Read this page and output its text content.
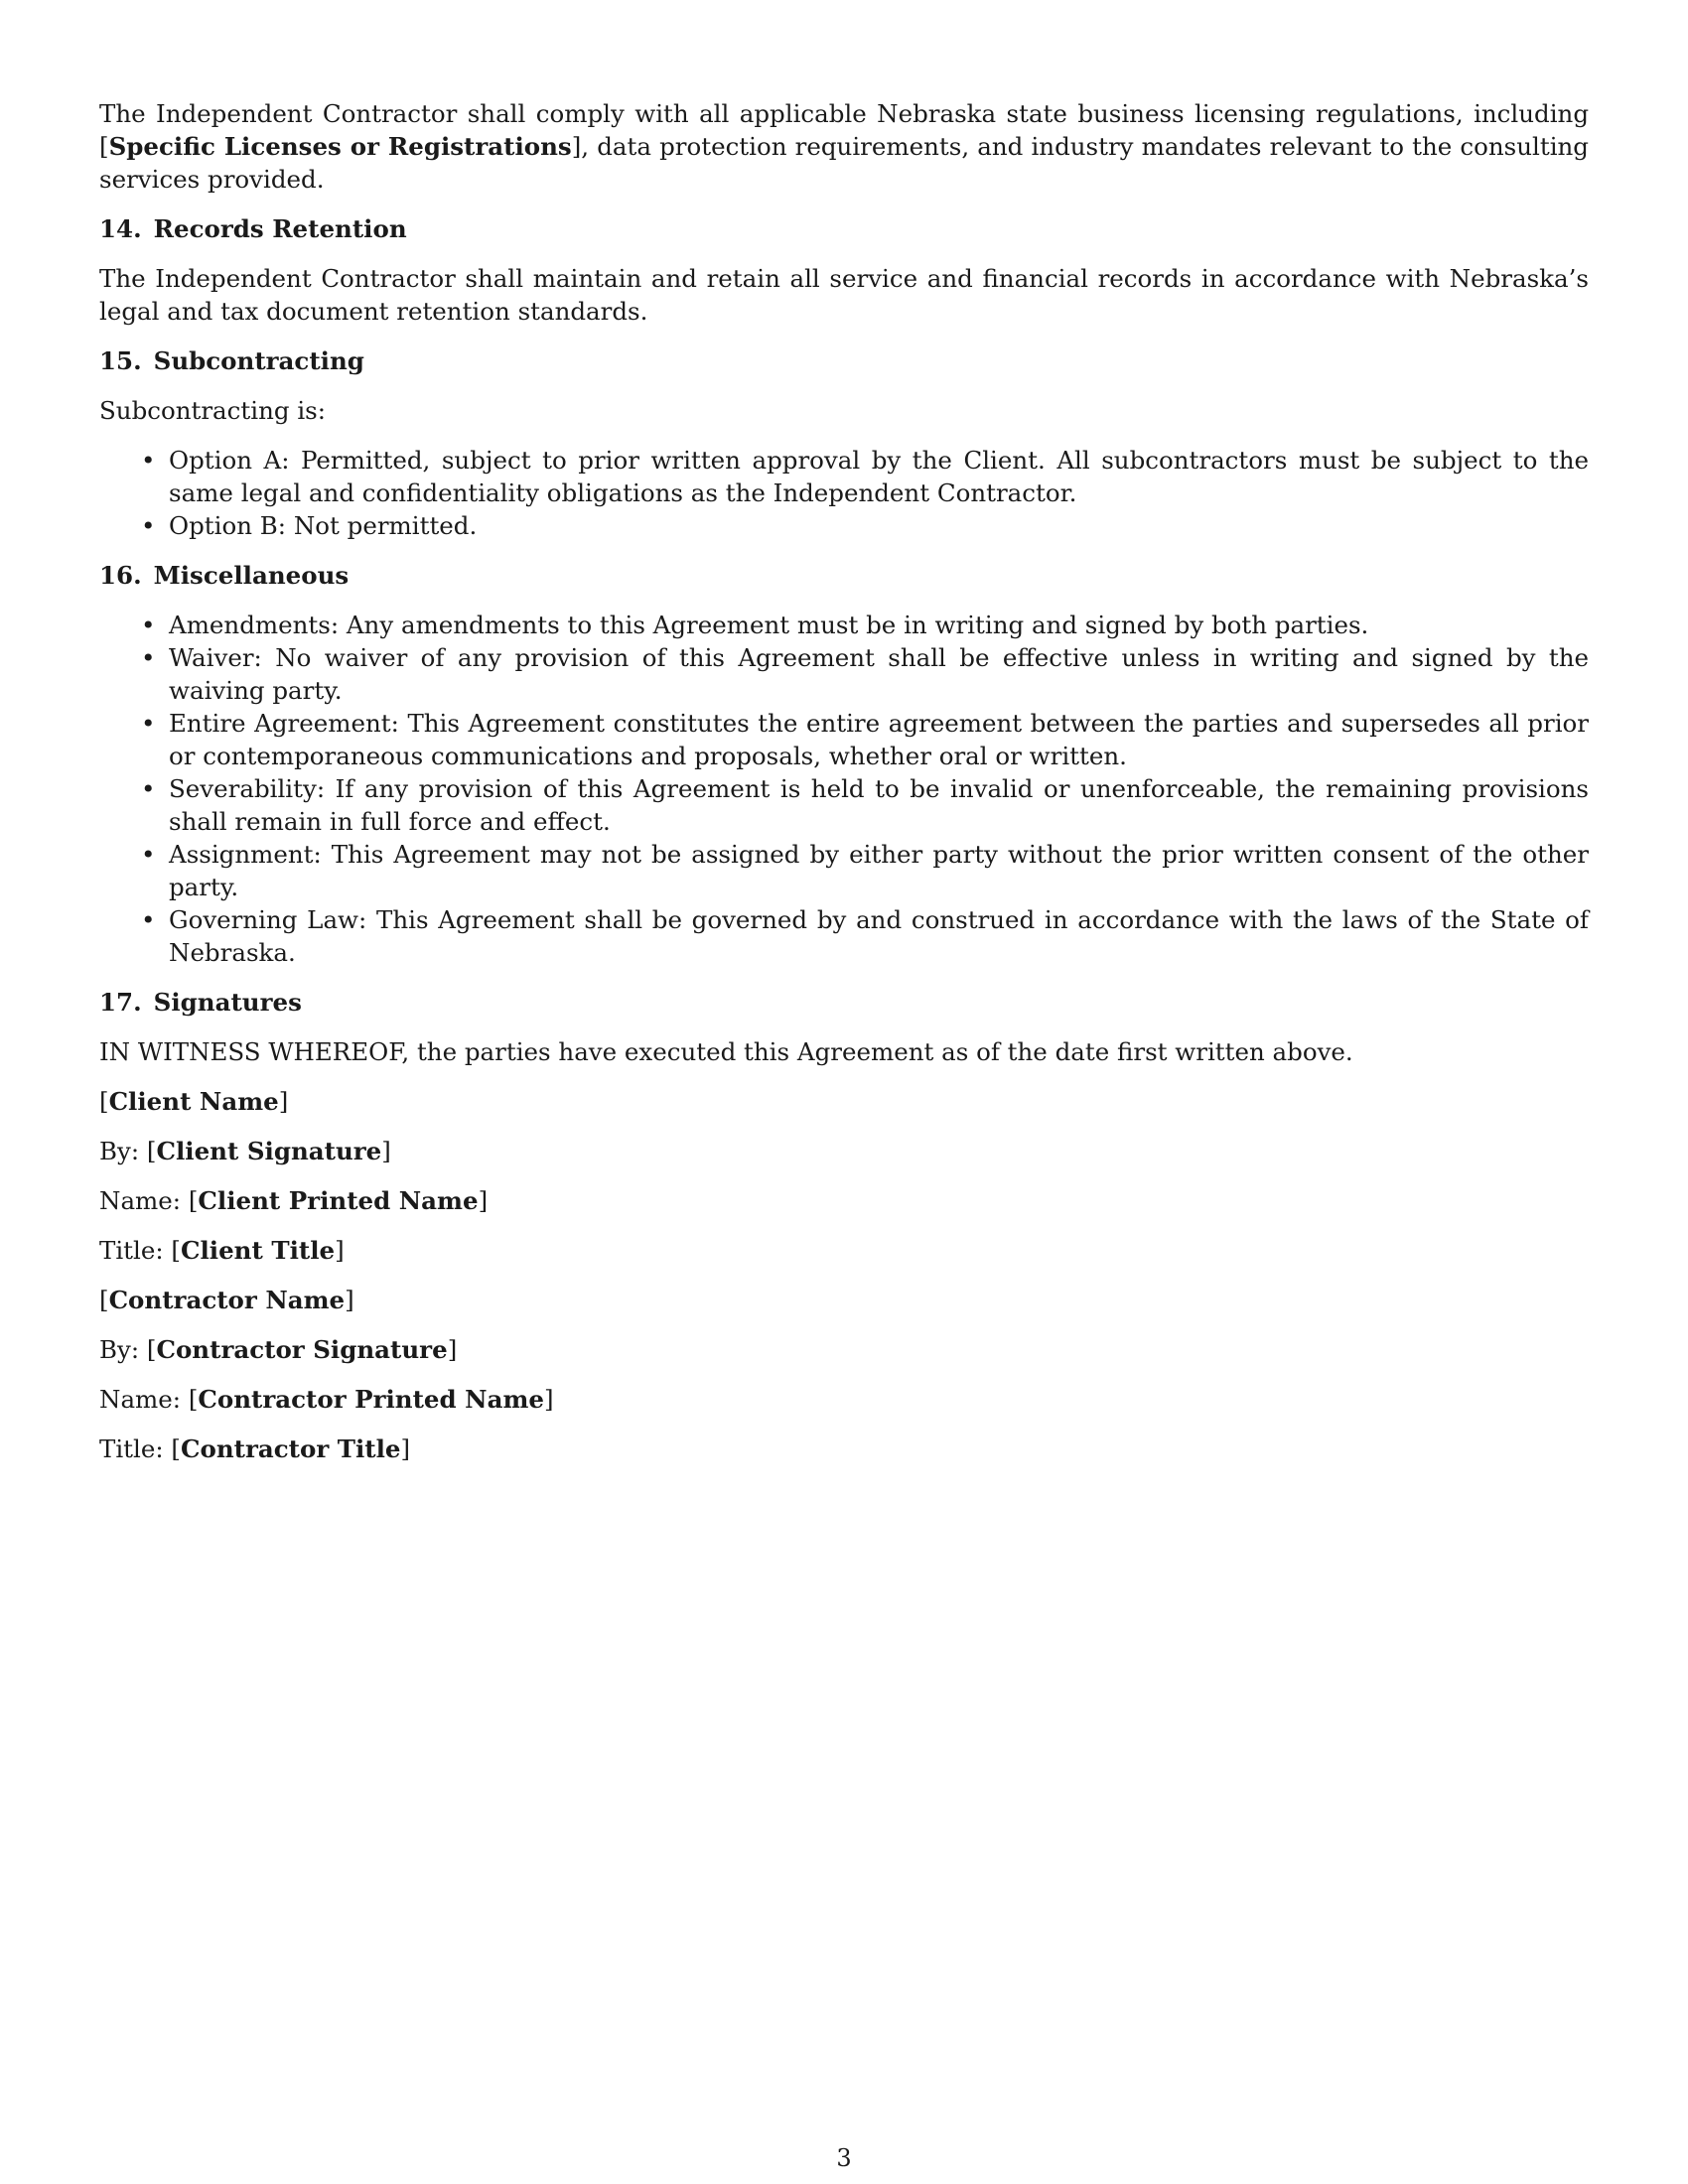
The Independent Contractor shall comply with all applicable Nebraska state business licensing regulations, including [Specific Licenses or Registrations], data protection requirements, and industry mandates relevant to the consulting services provided.

14. Records Retention

The Independent Contractor shall maintain and retain all service and financial records in accordance with Nebraska’s legal and tax document retention standards.

15. Subcontracting

Subcontracting is:

• Option A: Permitted, subject to prior written approval by the Client. All subcontractors must be subject to the same legal and confidentiality obligations as the Independent Contractor.
• Option B: Not permitted.
16. Miscellaneous
• Amendments: Any amendments to this Agreement must be in writing and signed by both parties.
• Waiver: No waiver of any provision of this Agreement shall be effective unless in writing and signed by the waiving party.
• Entire Agreement: This Agreement constitutes the entire agreement between the parties and supersedes all prior or contemporaneous communications and proposals, whether oral or written.
• Severability: If any provision of this Agreement is held to be invalid or unenforceable, the remaining provisions shall remain in full force and effect.
• Assignment: This Agreement may not be assigned by either party without the prior written consent of the other party.
• Governing Law: This Agreement shall be governed by and construed in accordance with the laws of the State of Nebraska.
17. Signatures

IN WITNESS WHEREOF, the parties have executed this Agreement as of the date first written above.

[Client Name]
By: [Client Signature]
Name: [Client Printed Name]
Title: [Client Title]
[Contractor Name]
By: [Contractor Signature]
Name: [Contractor Printed Name]
Title: [Contractor Title]
3
